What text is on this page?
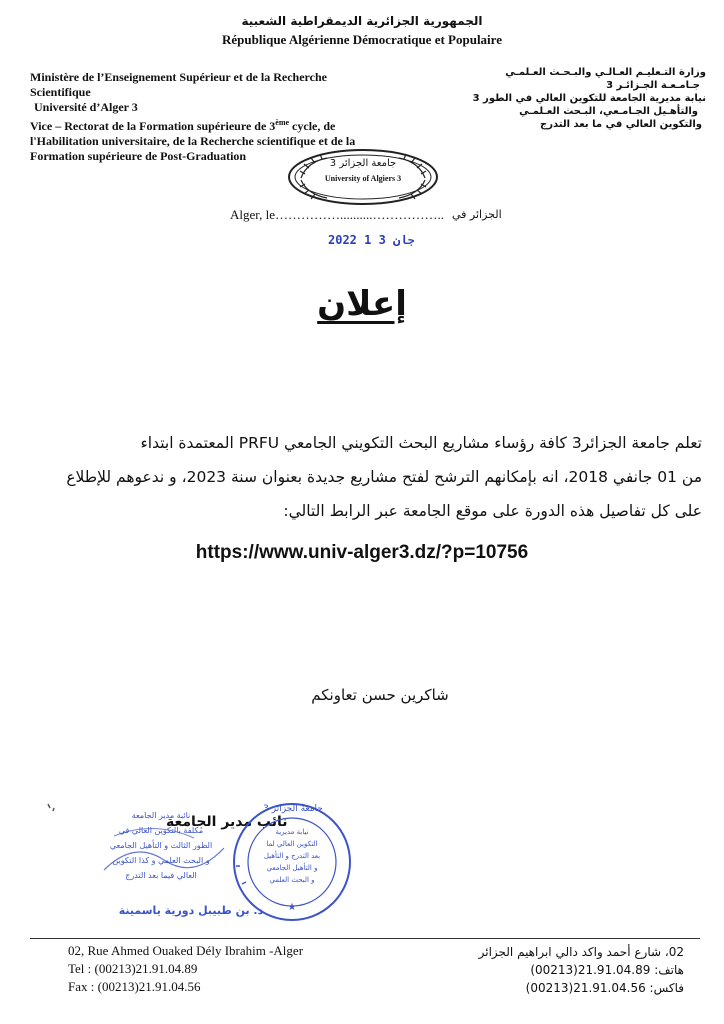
الجمهورية الجزائرية الديمقراطية الشعبية
République Algérienne Démocratique et Populaire
Ministère de l’Enseignement Supérieur et de la Recherche
Scientifique
Université d’Alger 3
Vice – Rectorat de la Formation supérieure de 3ème cycle, de
l'Habilitation universitaire, de la Recherche scientifique et de la
Formation supérieure de Post-Graduation
وزارة التـعليـم العـالـي والبـحـث العـلمـي
جـامـعـة الجـزائـر 3
نيابة مديرية الجامعة للتكوين العالي في الطور 3
والتأهـيل الجـامـعي، البـحث العـلمـي
والتكوين العالي في ما بعد التدرج
جامعة الجزائر 3
University of Algiers 3
Alger, le……………..........…………….. الجزائر في
2022 جان 3 1
إعلان
تعلم جامعة الجزائر3 كافة رؤساء مشاريع البحث التكويني الجامعي PRFU المعتمدة ابتداء
من 01 جانفي 2018، انه بإمكانهم الترشح لفتح مشاريع جديدة بعنوان سنة 2023، و ندعوهم للإطلاع
على كل تفاصيل هذه الدورة على موقع الجامعة عبر الرابط التالي:
https://www.univ-alger3.dz/?p=10756
شاكرين حسن تعاونكم
نائبة مدير الجامعة
مكلفة بالتكوين العالي في
الطور الثالث و التأهيل الجامعي
و البحث العلمي و كذا التكوين
العالي فيما بعد التدرج
نائب مدير الجامعة
د. بن طبيبل دورية ياسمينة	★
جامعة الجزائر 3
نيابة مديرية
التكوين العالي لما
بعد التدرج و التأهيل
و التأهيل الجامعي
و البحث العلمي
02, Rue Ahmed Ouaked Dély Ibrahim -Alger
Tel : (00213)21.91.04.89
Fax : (00213)21.91.04.56
02، شارع أحمد واكد دالي ابراهيم الجزائر
هاتف: (00213)21.91.04.89
فاكس: (00213)21.91.04.56
